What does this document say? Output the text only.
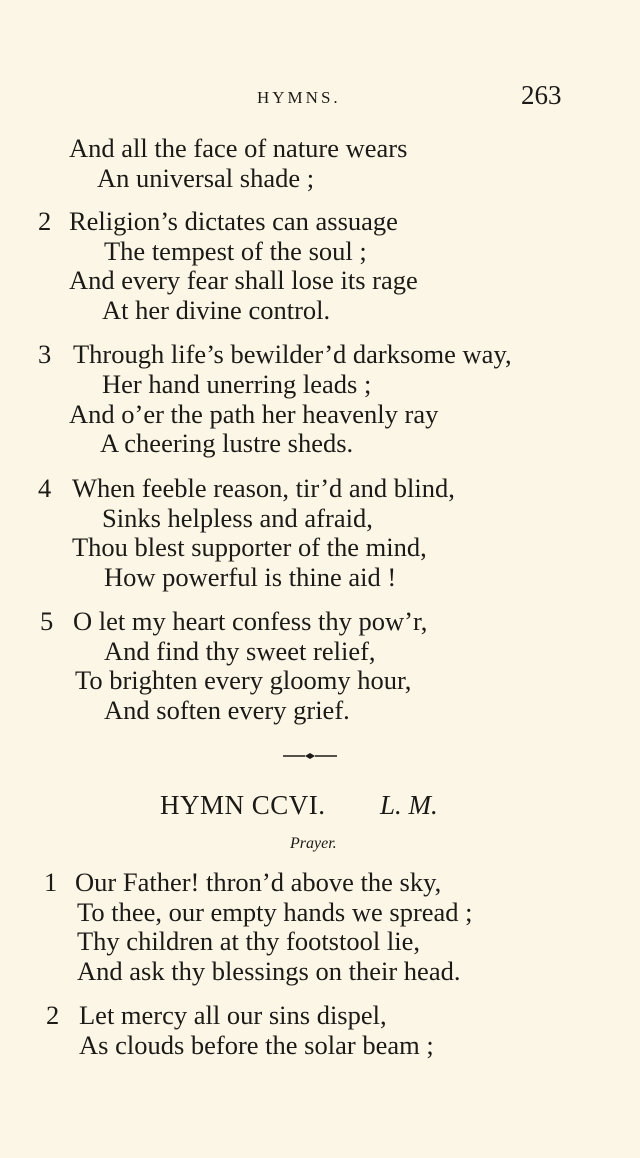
HYMNS.	263
And all the face of nature wears
An universal shade ;
2 Religion’s dictates can assuage
The tempest of the soul ;
And every fear shall lose its rage
At her divine control.
3 Through life’s bewilder’d darksome way,
Her hand unerring leads ;
And o’er the path her heavenly ray
A cheering lustre sheds.
4 When feeble reason, tir’d and blind,
Sinks helpless and afraid,
Thou blest supporter of the mind,
How powerful is thine aid !
5 O let my heart confess thy pow’r,
And find thy sweet relief,
To brighten every gloomy hour,
And soften every grief.
HYMN CCVI. L. M.
Prayer.
1 Our Father! thron’d above the sky,
To thee, our empty hands we spread ;
Thy children at thy footstool lie,
And ask thy blessings on their head.
2 Let mercy all our sins dispel,
As clouds before the solar beam ;
